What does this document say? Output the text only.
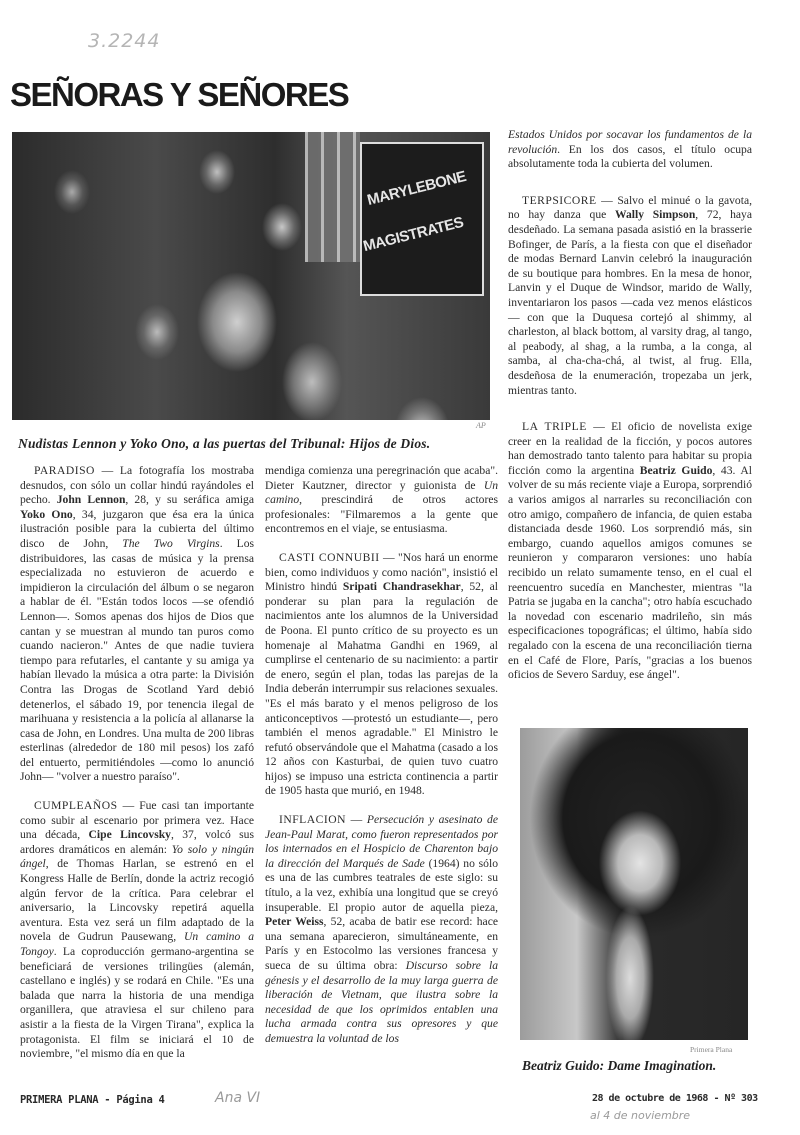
3.2244
SEÑORAS Y SEÑORES
MARYLEBONE
MAGISTRATES
AP
Nudistas Lennon y Yoko Ono, a las puertas del Tribunal: Hijos de Dios.

PARADISO — La fotografía los mostraba desnudos, con sólo un collar hindú rayándoles el pecho. John Lennon, 28, y su seráfica amiga Yoko Ono, 34, juzgaron que ésa era la única ilustración posible para la cubierta del último disco de John, The Two Virgins. Los distribuidores, las casas de música y la prensa especializada no estuvieron de acuerdo e impidieron la circulación del álbum o se negaron a hablar de él. "Están todos locos —se ofendió Lennon—. Somos apenas dos hijos de Dios que cantan y se muestran al mundo tan puros como cuando nacieron." Antes de que nadie tuviera tiempo para refutarles, el cantante y su amiga ya habían llevado la música a otra parte: la División Contra las Drogas de Scotland Yard debió detenerlos, el sábado 19, por tenencia ilegal de marihuana y resistencia a la policía al allanarse la casa de John, en Londres. Una multa de 200 libras esterlinas (alrededor de 180 mil pesos) los zafó del entuerto, permitiéndoles —como lo anunció John— "volver a nuestro paraíso".

CUMPLEAÑOS — Fue casi tan importante como subir al escenario por primera vez. Hace una década, Cipe Lincovsky, 37, volcó sus ardores dramáticos en alemán: Yo solo y ningún ángel, de Thomas Harlan, se estrenó en el Kongress Halle de Berlín, donde la actriz recogió algún fervor de la crítica. Para celebrar el aniversario, la Lincovsky repetirá aquella aventura. Esta vez será un film adaptado de la novela de Gudrun Pausewang, Un camino a Tongoy. La coproducción germano-argentina se beneficiará de versiones trilingües (alemán, castellano e inglés) y se rodará en Chile. "Es una balada que narra la historia de una mendiga organillera, que atraviesa el sur chileno para asistir a la fiesta de la Virgen Tirana", explica la protagonista. El film se iniciará el 10 de noviembre, "el mismo día en que la

mendiga comienza una peregrinación que acaba". Dieter Kautzner, director y guionista de Un camino, prescindirá de otros actores profesionales: "Filmaremos a la gente que encontremos en el viaje, se entusiasma.

CASTI CONNUBII — "Nos hará un enorme bien, como individuos y como nación", insistió el Ministro hindú Sripati Chandrasekhar, 52, al ponderar su plan para la regulación de nacimientos ante los alumnos de la Universidad de Poona. El punto crítico de su proyecto es un homenaje al Mahatma Gandhi en 1969, al cumplirse el centenario de su nacimiento: a partir de enero, según el plan, todas las parejas de la India deberán interrumpir sus relaciones sexuales. "Es el más barato y el menos peligroso de los anticonceptivos —protestó un estudiante—, pero también el menos agradable." El Ministro le refutó observándole que el Mahatma (casado a los 12 años con Kasturbai, de quien tuvo cuatro hijos) se impuso una estricta continencia a partir de 1905 hasta que murió, en 1948.

INFLACION — Persecución y asesinato de Jean-Paul Marat, como fueron representados por los internados en el Hospicio de Charenton bajo la dirección del Marqués de Sade (1964) no sólo es una de las cumbres teatrales de este siglo: su título, a la vez, exhibía una longitud que se creyó insuperable. El propio autor de aquella pieza, Peter Weiss, 52, acaba de batir ese record: hace una semana aparecieron, simultáneamente, en París y en Estocolmo las versiones francesa y sueca de su última obra: Discurso sobre la génesis y el desarrollo de la muy larga guerra de liberación de Vietnam, que ilustra sobre la necesidad de que los oprimidos entablen una lucha armada contra sus opresores y que demuestra la voluntad de los

Estados Unidos por socavar los fundamentos de la revolución. En los dos casos, el título ocupa absolutamente toda la cubierta del volumen.

TERPSICORE — Salvo el minué o la gavota, no hay danza que Wally Simpson, 72, haya desdeñado. La semana pasada asistió en la brasserie Bofinger, de París, a la fiesta con que el diseñador de modas Bernard Lanvin celebró la inauguración de su boutique para hombres. En la mesa de honor, Lanvin y el Duque de Windsor, marido de Wally, inventariaron los pasos —cada vez menos elásticos— con que la Duquesa cortejó al shimmy, al charleston, al black bottom, al varsity drag, al tango, al peabody, al shag, a la rumba, a la conga, al samba, al cha-cha-chá, al twist, al frug. Ella, desdeñosa de la enumeración, tropezaba un jerk, mientras tanto.

LA TRIPLE — El oficio de novelista exige creer en la realidad de la ficción, y pocos autores han demostrado tanto talento para habitar su propia ficción como la argentina Beatriz Guido, 43. Al volver de su más reciente viaje a Europa, sorprendió a varios amigos al narrarles su reconciliación con otro amigo, compañero de infancia, de quien estaba distanciada desde 1960. Los sorprendió más, sin embargo, cuando aquellos amigos comunes se reunieron y compararon versiones: uno había recibido un relato sumamente tenso, en el cual el reencuentro sucedía en Manchester, mientras "la Patria se jugaba en la cancha"; otro había escuchado la novedad con escenario madrileño, sin más especificaciones topográficas; el último, había sido regalado con la escena de una reconciliación tierna en el Café de Flore, París, "gracias a los buenos oficios de Severo Sarduy, ese ángel".

Primera Plana
Beatriz Guido: Dame Imagination.
PRIMERA PLANA - Página 4	Ana VI	28 de octubre de 1968 - Nº 303
al 4 de noviembre
